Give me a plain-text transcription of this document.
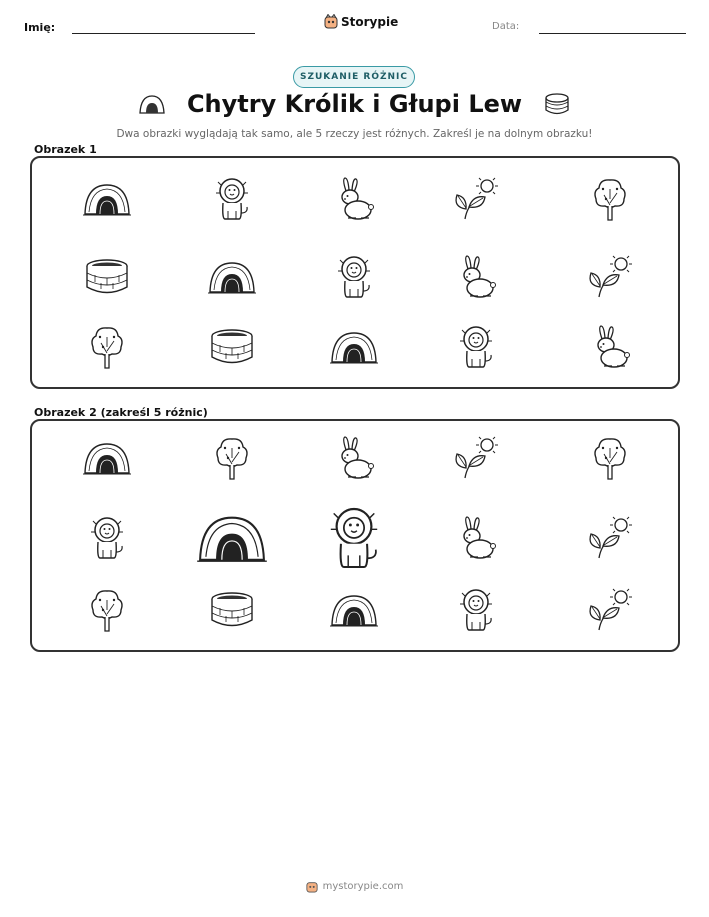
Imię:	Storypie	Data:
SZUKANIE RÓŻNIC
Chytry Królik i Głupi Lew
Dwa obrazki wyglądają tak samo, ale 5 rzeczy jest różnych. Zakreśl je na dolnym obrazku!
Obrazek 1
Obrazek 2 (zakreśl 5 różnic)
mystorypie.com
